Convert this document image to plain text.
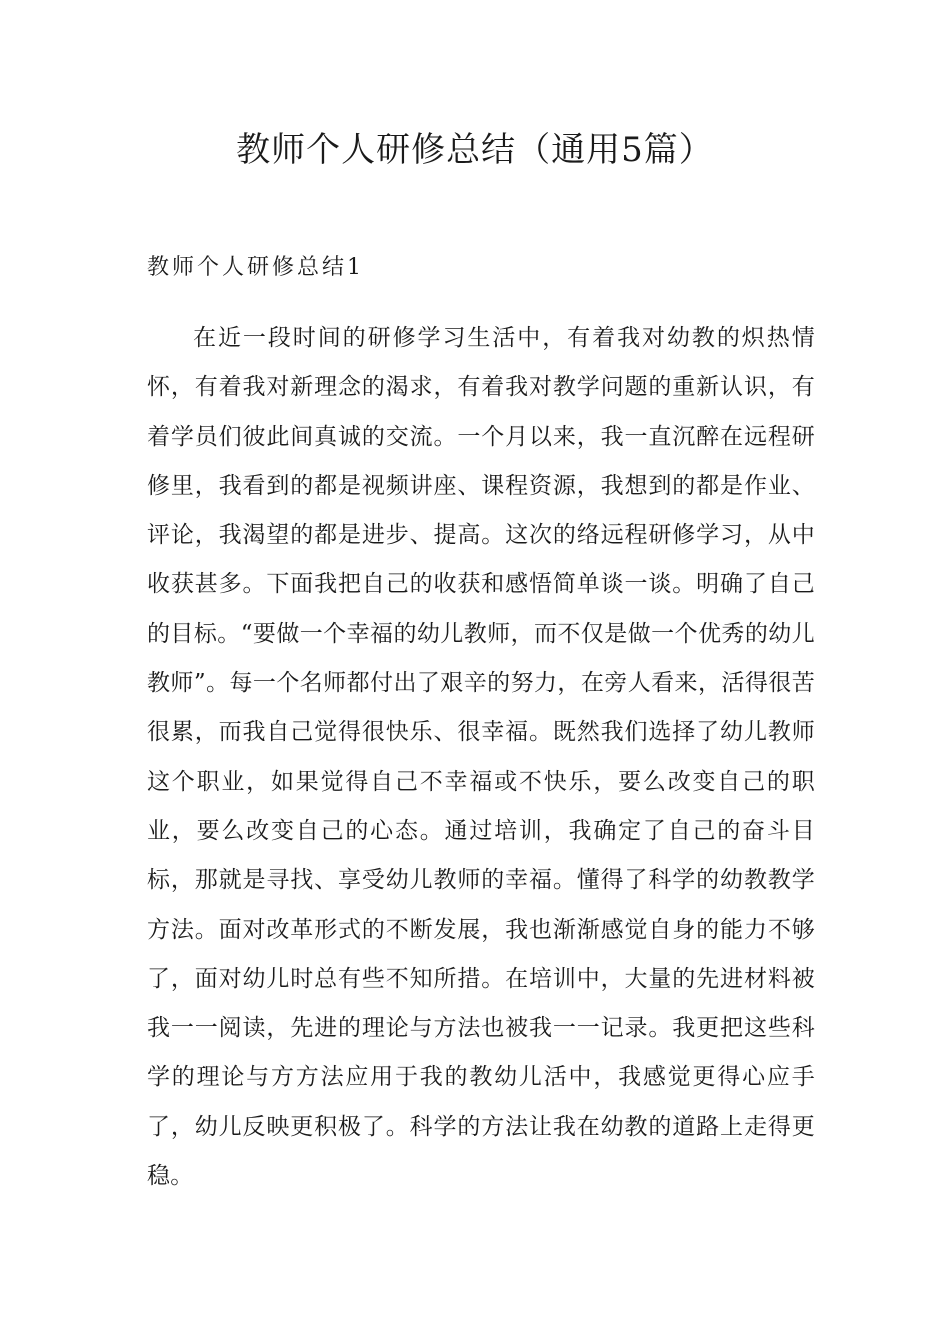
教师个人研修总结（通用5篇）
教师个人研修总结1

在近一段时间的研修学习生活中，有着我对幼教的炽热情怀，有着我对新理念的渴求，有着我对教学问题的重新认识，有着学员们彼此间真诚的交流。一个月以来，我一直沉醉在远程研修里，我看到的都是视频讲座、课程资源，我想到的都是作业、评论，我渴望的都是进步、提高。这次的络远程研修学习，从中收获甚多。下面我把自己的收获和感悟简单谈一谈。明确了自己的目标。“要做一个幸福的幼儿教师，而不仅是做一个优秀的幼儿教师”。每一个名师都付出了艰辛的努力，在旁人看来，活得很苦很累，而我自己觉得很快乐、很幸福。既然我们选择了幼儿教师这个职业，如果觉得自己不幸福或不快乐，要么改变自己的职业，要么改变自己的心态。通过培训，我确定了自己的奋斗目标，那就是寻找、享受幼儿教师的幸福。懂得了科学的幼教教学方法。面对改革形式的不断发展，我也渐渐感觉自身的能力不够了，面对幼儿时总有些不知所措。在培训中，大量的先进材料被我一一阅读，先进的理论与方法也被我一一记录。我更把这些科学的理论与方方法应用于我的教幼儿活中，我感觉更得心应手了，幼儿反映更积极了。科学的方法让我在幼教的道路上走得更稳。
